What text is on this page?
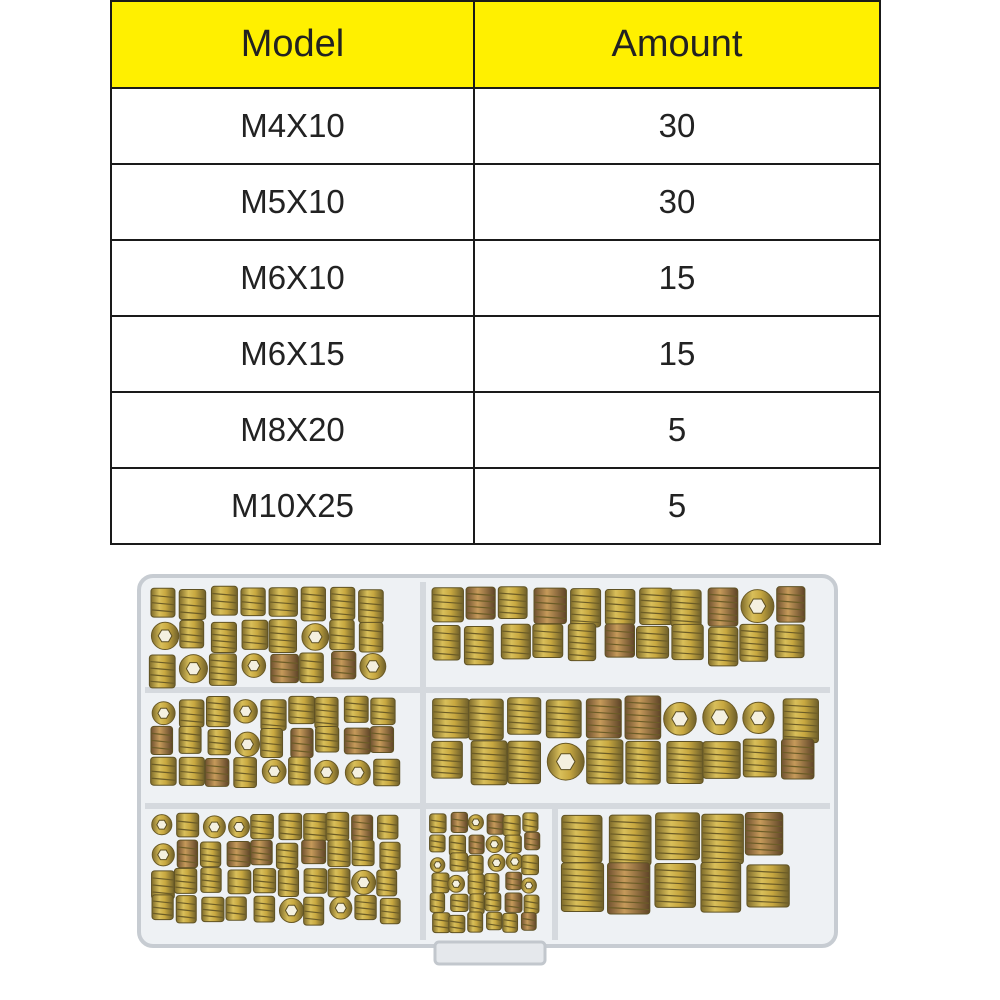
Model	Amount
M4X10	30
M5X10	30
M6X10	15
M6X15	15
M8X20	5
M10X25	5
